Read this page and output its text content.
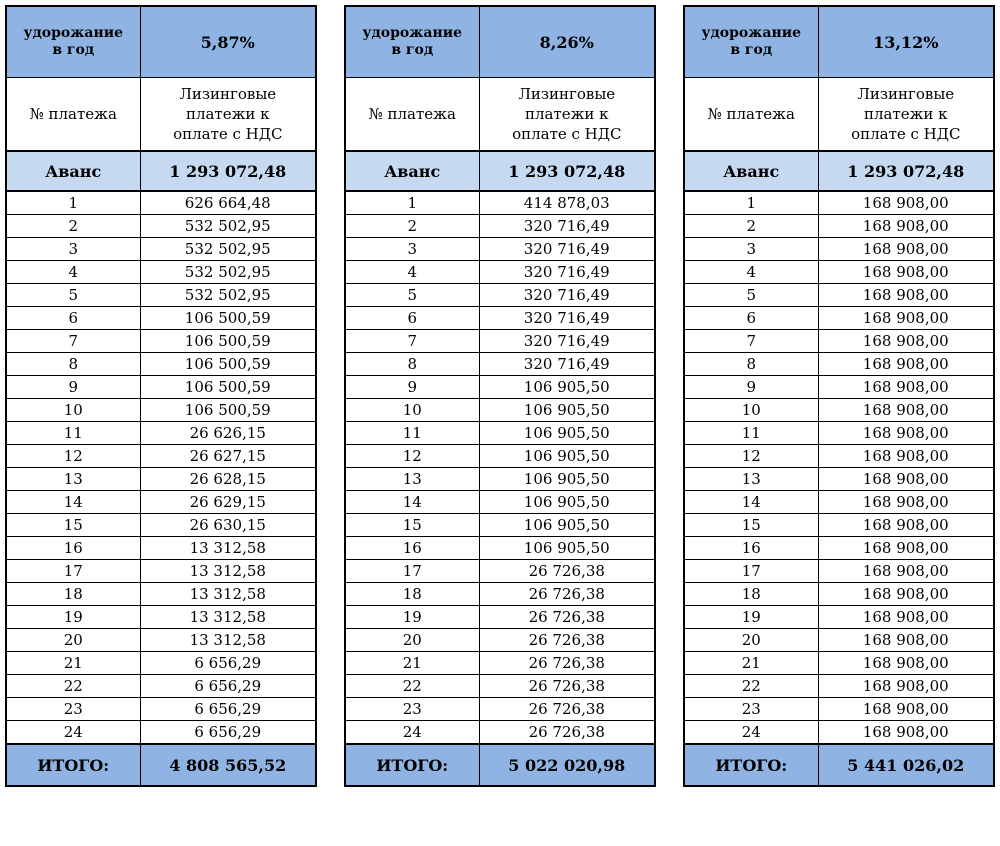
удорожание
в год	5,87%
№ платежа	Лизинговые
платежи к
оплате с НДС
Аванс	1 293 072,48
1	626 664,48
2	532 502,95
3	532 502,95
4	532 502,95
5	532 502,95
6	106 500,59
7	106 500,59
8	106 500,59
9	106 500,59
10	106 500,59
11	26 626,15
12	26 627,15
13	26 628,15
14	26 629,15
15	26 630,15
16	13 312,58
17	13 312,58
18	13 312,58
19	13 312,58
20	13 312,58
21	6 656,29
22	6 656,29
23	6 656,29
24	6 656,29
ИТОГО:	4 808 565,52
удорожание
в год	8,26%
№ платежа	Лизинговые
платежи к
оплате с НДС
Аванс	1 293 072,48
1	414 878,03
2	320 716,49
3	320 716,49
4	320 716,49
5	320 716,49
6	320 716,49
7	320 716,49
8	320 716,49
9	106 905,50
10	106 905,50
11	106 905,50
12	106 905,50
13	106 905,50
14	106 905,50
15	106 905,50
16	106 905,50
17	26 726,38
18	26 726,38
19	26 726,38
20	26 726,38
21	26 726,38
22	26 726,38
23	26 726,38
24	26 726,38
ИТОГО:	5 022 020,98
удорожание
в год	13,12%
№ платежа	Лизинговые
платежи к
оплате с НДС
Аванс	1 293 072,48
1	168 908,00
2	168 908,00
3	168 908,00
4	168 908,00
5	168 908,00
6	168 908,00
7	168 908,00
8	168 908,00
9	168 908,00
10	168 908,00
11	168 908,00
12	168 908,00
13	168 908,00
14	168 908,00
15	168 908,00
16	168 908,00
17	168 908,00
18	168 908,00
19	168 908,00
20	168 908,00
21	168 908,00
22	168 908,00
23	168 908,00
24	168 908,00
ИТОГО:	5 441 026,02
